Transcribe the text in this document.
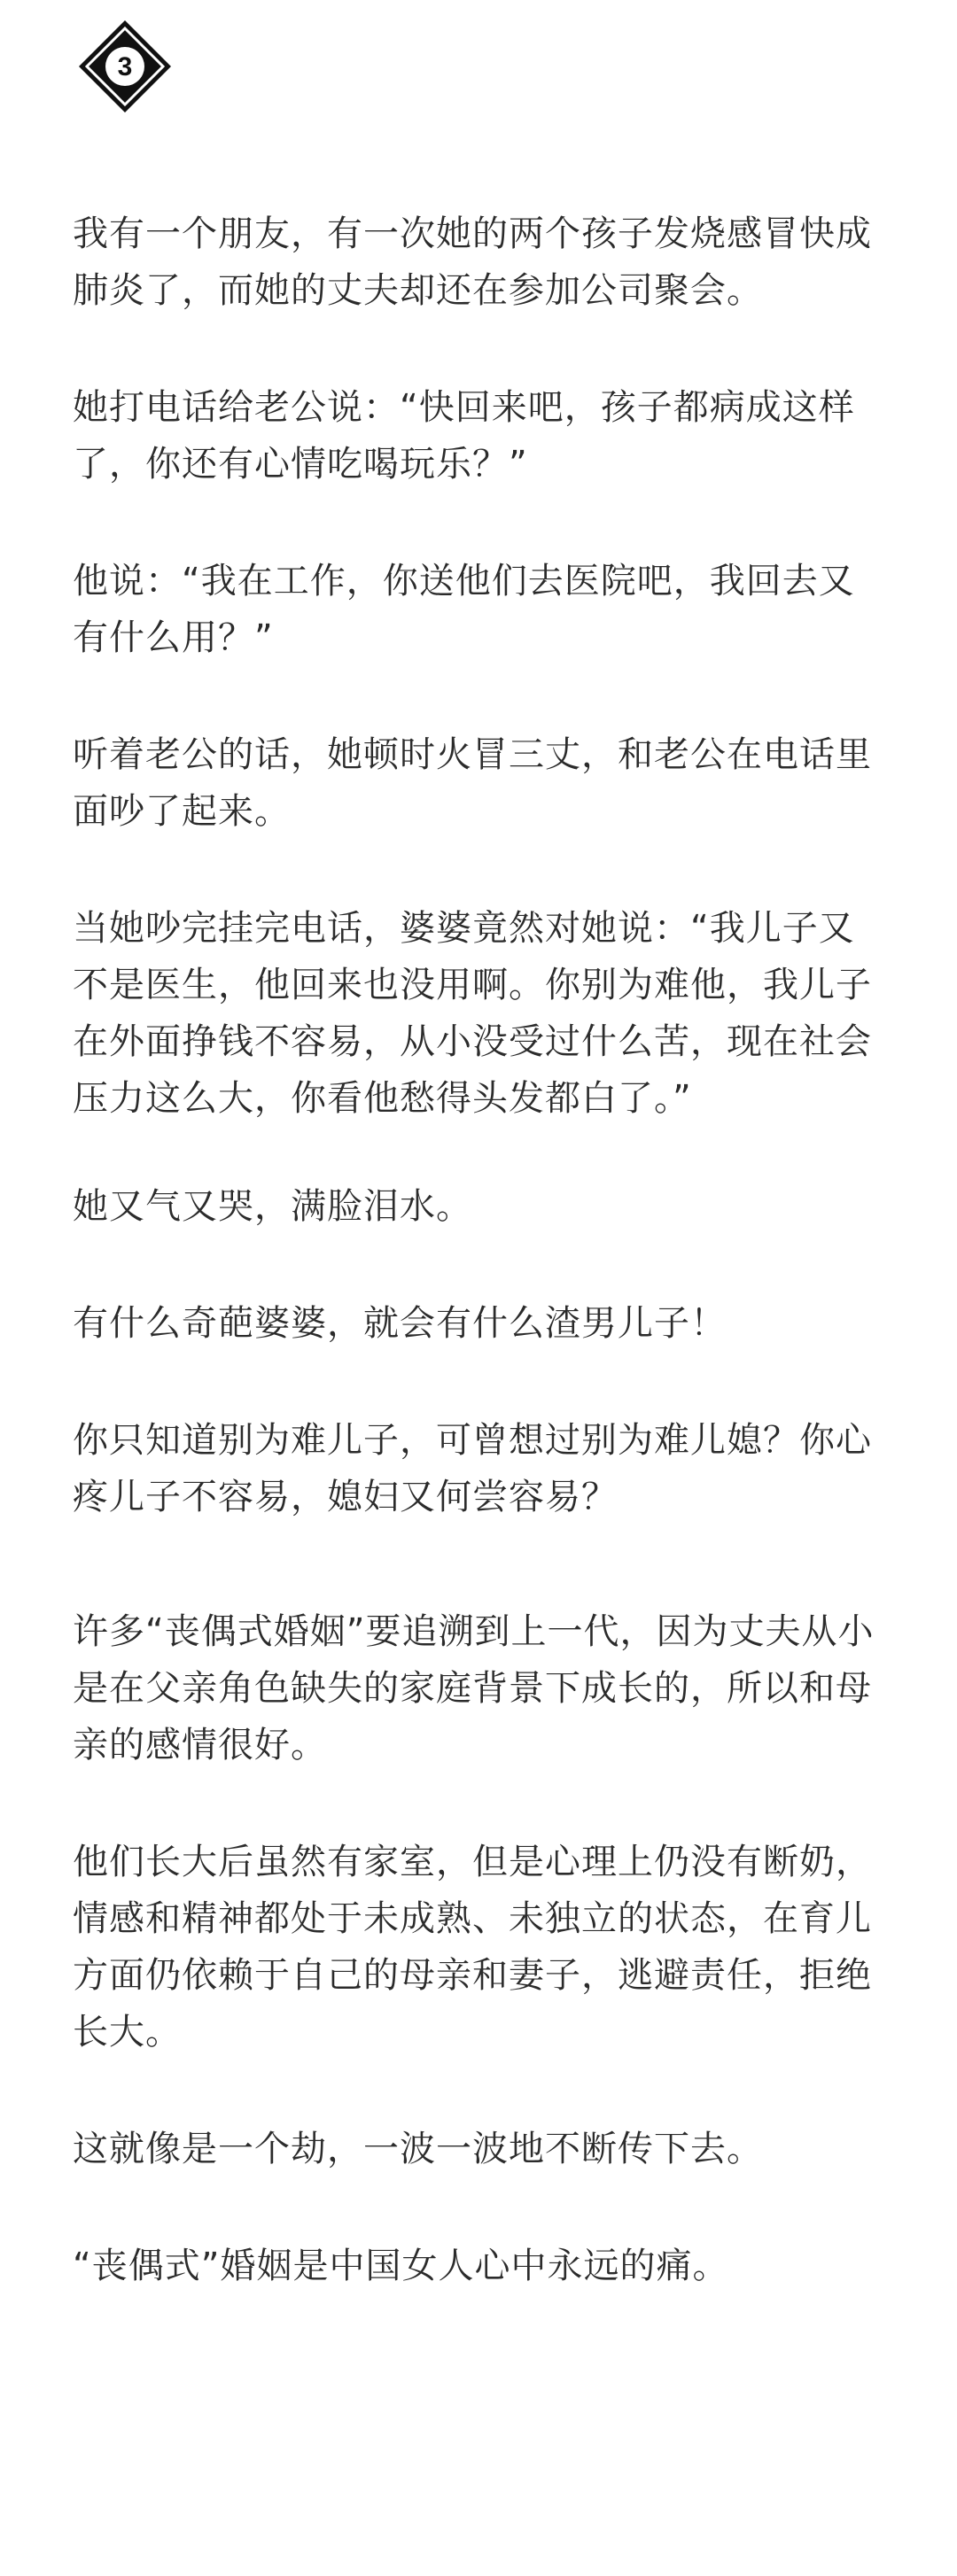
3

我有一个朋友，有一次她的两个孩子发烧感冒快成
肺炎了，而她的丈夫却还在参加公司聚会。

她打电话给老公说：“快回来吧，孩子都病成这样
了，你还有心情吃喝玩乐？”

他说：“我在工作，你送他们去医院吧，我回去又
有什么用？”

听着老公的话，她顿时火冒三丈，和老公在电话里
面吵了起来。

当她吵完挂完电话，婆婆竟然对她说：“我儿子又
不是医生，他回来也没用啊。你别为难他，我儿子
在外面挣钱不容易，从小没受过什么苦，现在社会
压力这么大，你看他愁得头发都白了。”

她又气又哭，满脸泪水。

有什么奇葩婆婆，就会有什么渣男儿子！

你只知道别为难儿子，可曾想过别为难儿媳？你心
疼儿子不容易，媳妇又何尝容易？

许多“丧偶式婚姻”要追溯到上一代，因为丈夫从小
是在父亲角色缺失的家庭背景下成长的，所以和母
亲的感情很好。

他们长大后虽然有家室，但是心理上仍没有断奶，
情感和精神都处于未成熟、未独立的状态，在育儿
方面仍依赖于自己的母亲和妻子，逃避责任，拒绝
长大。

这就像是一个劫，一波一波地不断传下去。

“丧偶式”婚姻是中国女人心中永远的痛。
